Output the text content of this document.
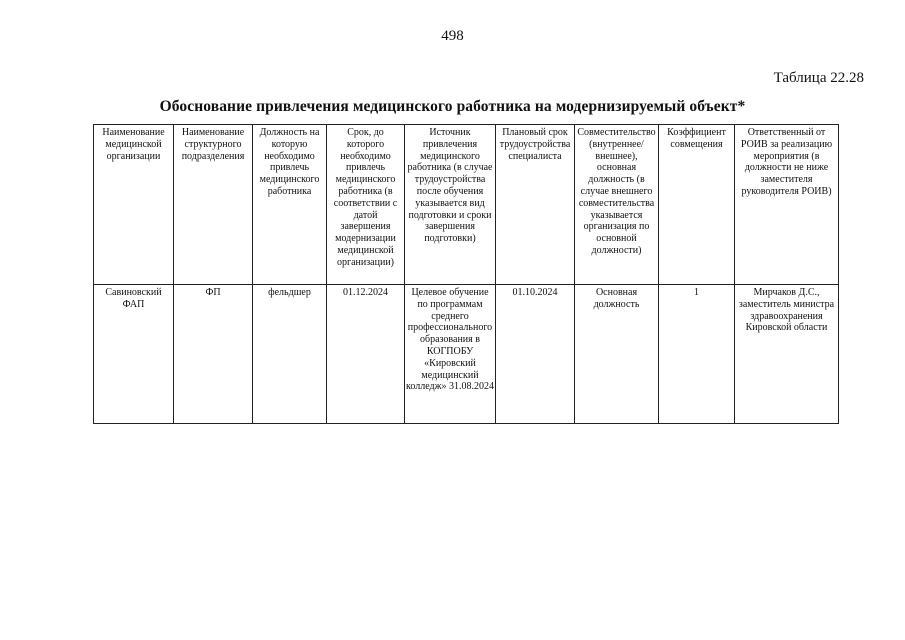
498
Таблица 22.28
Обоснование привлечения медицинского работника на модернизируемый объект*
Наименование медицинской организации	Наименование структурного подразделения	Должность на которую необходимо привлечь медицинского работника	Срок, до которого необходимо привлечь медицинского работника (в соответствии с датой завершения модернизации медицинской организации)	Источник привлечения медицинского работника (в случае трудоустройства после обучения указывается вид подготовки и сроки завершения подготовки)	Плановый срок трудоустройства специалиста	Совместительство (внутреннее/внешнее), основная должность (в случае внешнего совместительства указывается организация по основной должности)	Коэффициент совмещения	Ответственный от РОИВ за реализацию мероприятия (в должности не ниже заместителя руководителя РОИВ)
Савиновский ФАП	ФП	фельдшер	01.12.2024	Целевое обучение по программам среднего профессионального образования в КОГПОБУ «Кировский медицинский колледж» 31.08.2024	01.10.2024	Основная должность	1	Мирчаков Д.С., заместитель министра здравоохранения Кировской области
